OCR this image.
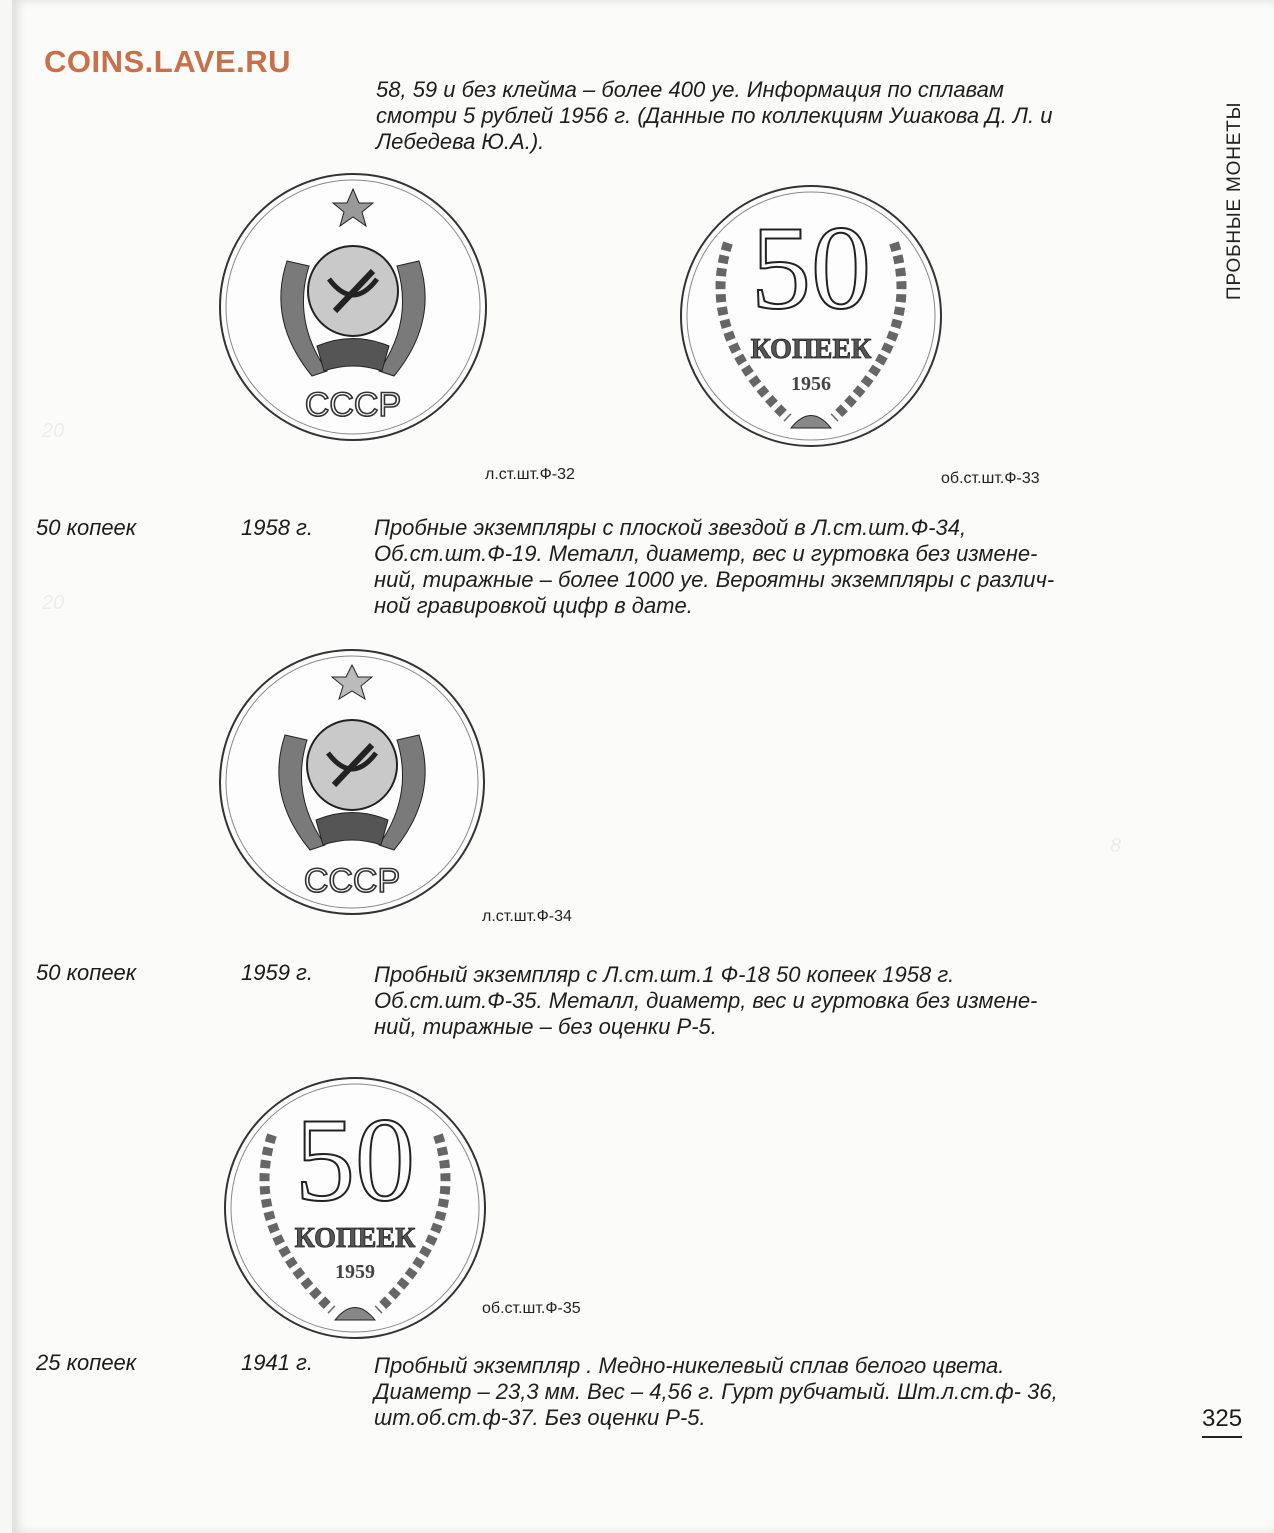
20
20
8
COINS.LAVE.RU
ПРОБНЫЕ МОНЕТЫ
58, 59 и без клейма – более 400 уе. Информация по сплавам
смотри 5 рублей 1956 г. (Данные по коллекциям Ушакова Д. Л. и
Лебедева Ю.А.).
СССР
л.ст.шт.Ф-32
50
КОПЕЕК
1956
об.ст.шт.Ф-33
50 копеек	1958 г.	Пробные экземпляры с плоской звездой в Л.ст.шт.Ф-34,
Об.ст.шт.Ф-19. Металл, диаметр, вес и гуртовка без измене-
ний, тиражные – более 1000 уе. Вероятны экземпляры с различ-
ной гравировкой цифр в дате.
СССР
л.ст.шт.Ф-34
50 копеек	1959 г.	Пробный экземпляр с Л.ст.шт.1 Ф-18 50 копеек 1958 г.
Об.ст.шт.Ф-35. Металл, диаметр, вес и гуртовка без измене-
ний, тиражные – без оценки Р-5.
50
КОПЕЕК
1959
об.ст.шт.Ф-35
25 копеек	1941 г.	Пробный экземпляр . Медно-никелевый сплав белого цвета.
Диаметр – 23,3 мм. Вес – 4,56 г. Гурт рубчатый. Шт.л.ст.ф- 36,
шт.об.ст.ф-37. Без оценки Р-5.	325
